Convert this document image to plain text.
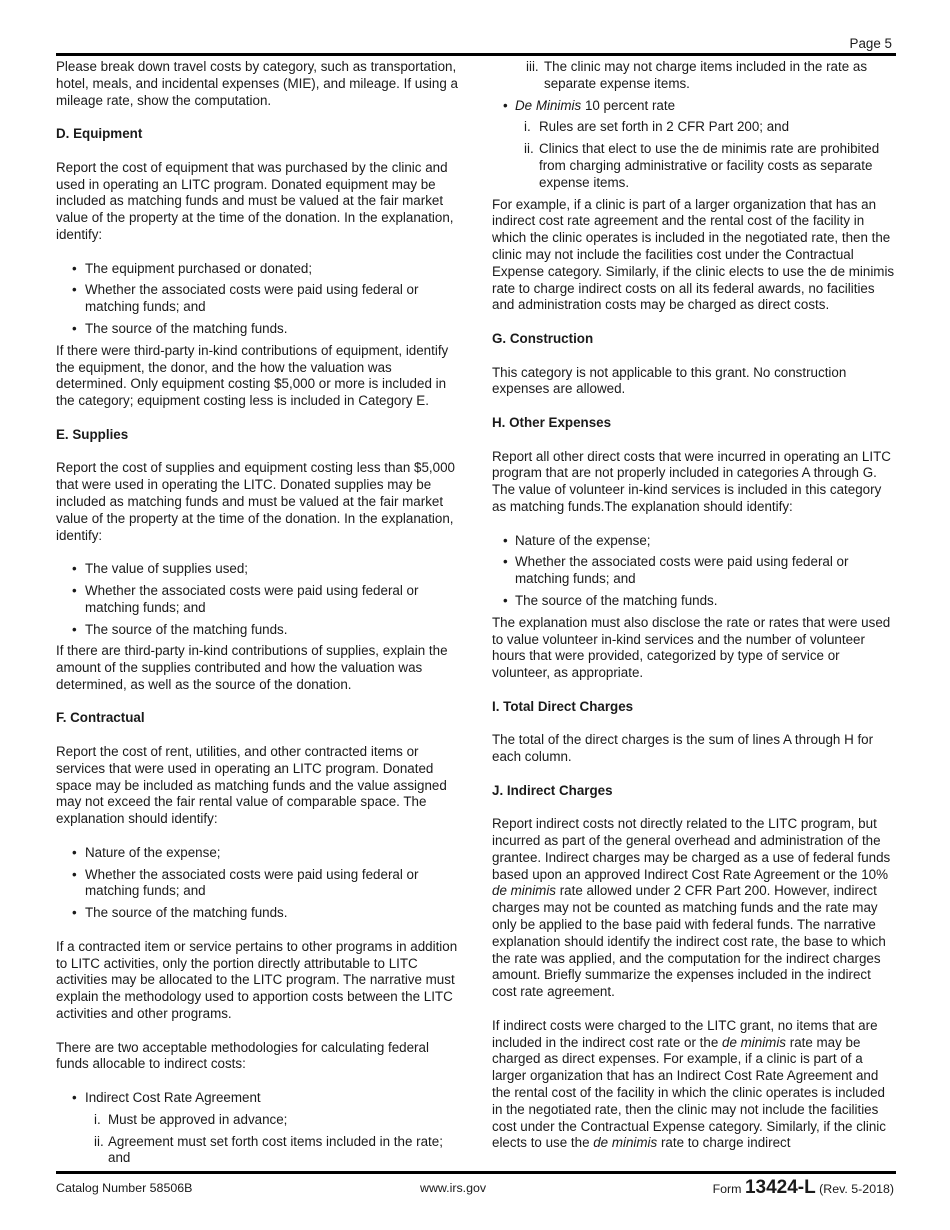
Page 5

Please break down travel costs by category, such as transportation, hotel, meals, and incidental expenses (MIE), and mileage. If using a mileage rate, show the computation.

D. Equipment

Report the cost of equipment that was purchased by the clinic and used in operating an LITC program. Donated equipment may be included as matching funds and must be valued at the fair market value of the property at the time of the donation. In the explanation, identify:

• The equipment purchased or donated;
• Whether the associated costs were paid using federal or matching funds; and
• The source of the matching funds.

If there were third-party in-kind contributions of equipment, identify the equipment, the donor, and the how the valuation was determined. Only equipment costing $5,000 or more is included in the category; equipment costing less is included in Category E.

E. Supplies

Report the cost of supplies and equipment costing less than $5,000 that were used in operating the LITC. Donated supplies may be included as matching funds and must be valued at the fair market value of the property at the time of the donation. In the explanation, identify:

• The value of supplies used;
• Whether the associated costs were paid using federal or matching funds; and
• The source of the matching funds.

If there are third-party in-kind contributions of supplies, explain the amount of the supplies contributed and how the valuation was determined, as well as the source of the donation.

F. Contractual

Report the cost of rent, utilities, and other contracted items or services that were used in operating an LITC program. Donated space may be included as matching funds and the value assigned may not exceed the fair rental value of comparable space. The explanation should identify:

• Nature of the expense;
• Whether the associated costs were paid using federal or matching funds; and
• The source of the matching funds.

If a contracted item or service pertains to other programs in addition to LITC activities, only the portion directly attributable to LITC activities may be allocated to the LITC program. The narrative must explain the methodology used to apportion costs between the LITC activities and other programs.

There are two acceptable methodologies for calculating federal funds allocable to indirect costs:

• Indirect Cost Rate Agreement
i. Must be approved in advance;
ii. Agreement must set forth cost items included in the rate; and
iii. The clinic may not charge items included in the rate as separate expense items.
• De Minimis 10 percent rate
i. Rules are set forth in 2 CFR Part 200; and
ii. Clinics that elect to use the de minimis rate are prohibited from charging administrative or facility costs as separate expense items.

For example, if a clinic is part of a larger organization that has an indirect cost rate agreement and the rental cost of the facility in which the clinic operates is included in the negotiated rate, then the clinic may not include the facilities cost under the Contractual Expense category. Similarly, if the clinic elects to use the de minimis rate to charge indirect costs on all its federal awards, no facilities and administration costs may be charged as direct costs.

G. Construction

This category is not applicable to this grant. No construction expenses are allowed.

H. Other Expenses

Report all other direct costs that were incurred in operating an LITC program that are not properly included in categories A through G. The value of volunteer in-kind services is included in this category as matching funds.The explanation should identify:

• Nature of the expense;
• Whether the associated costs were paid using federal or matching funds; and
• The source of the matching funds.

The explanation must also disclose the rate or rates that were used to value volunteer in-kind services and the number of volunteer hours that were provided, categorized by type of service or volunteer, as appropriate.

I. Total Direct Charges

The total of the direct charges is the sum of lines A through H for each column.

J. Indirect Charges

Report indirect costs not directly related to the LITC program, but incurred as part of the general overhead and administration of the grantee. Indirect charges may be charged as a use of federal funds based upon an approved Indirect Cost Rate Agreement or the 10% de minimis rate allowed under 2 CFR Part 200. However, indirect charges may not be counted as matching funds and the rate may only be applied to the base paid with federal funds. The narrative explanation should identify the indirect cost rate, the base to which the rate was applied, and the computation for the indirect charges amount. Briefly summarize the expenses included in the indirect cost rate agreement.

If indirect costs were charged to the LITC grant, no items that are included in the indirect cost rate or the de minimis rate may be charged as direct expenses. For example, if a clinic is part of a larger organization that has an Indirect Cost Rate Agreement and the rental cost of the facility in which the clinic operates is included in the negotiated rate, then the clinic may not include the facilities cost under the Contractual Expense category. Similarly, if the clinic elects to use the de minimis rate to charge indirect

Catalog Number 58506B	www.irs.gov	Form 13424-L (Rev. 5-2018)
